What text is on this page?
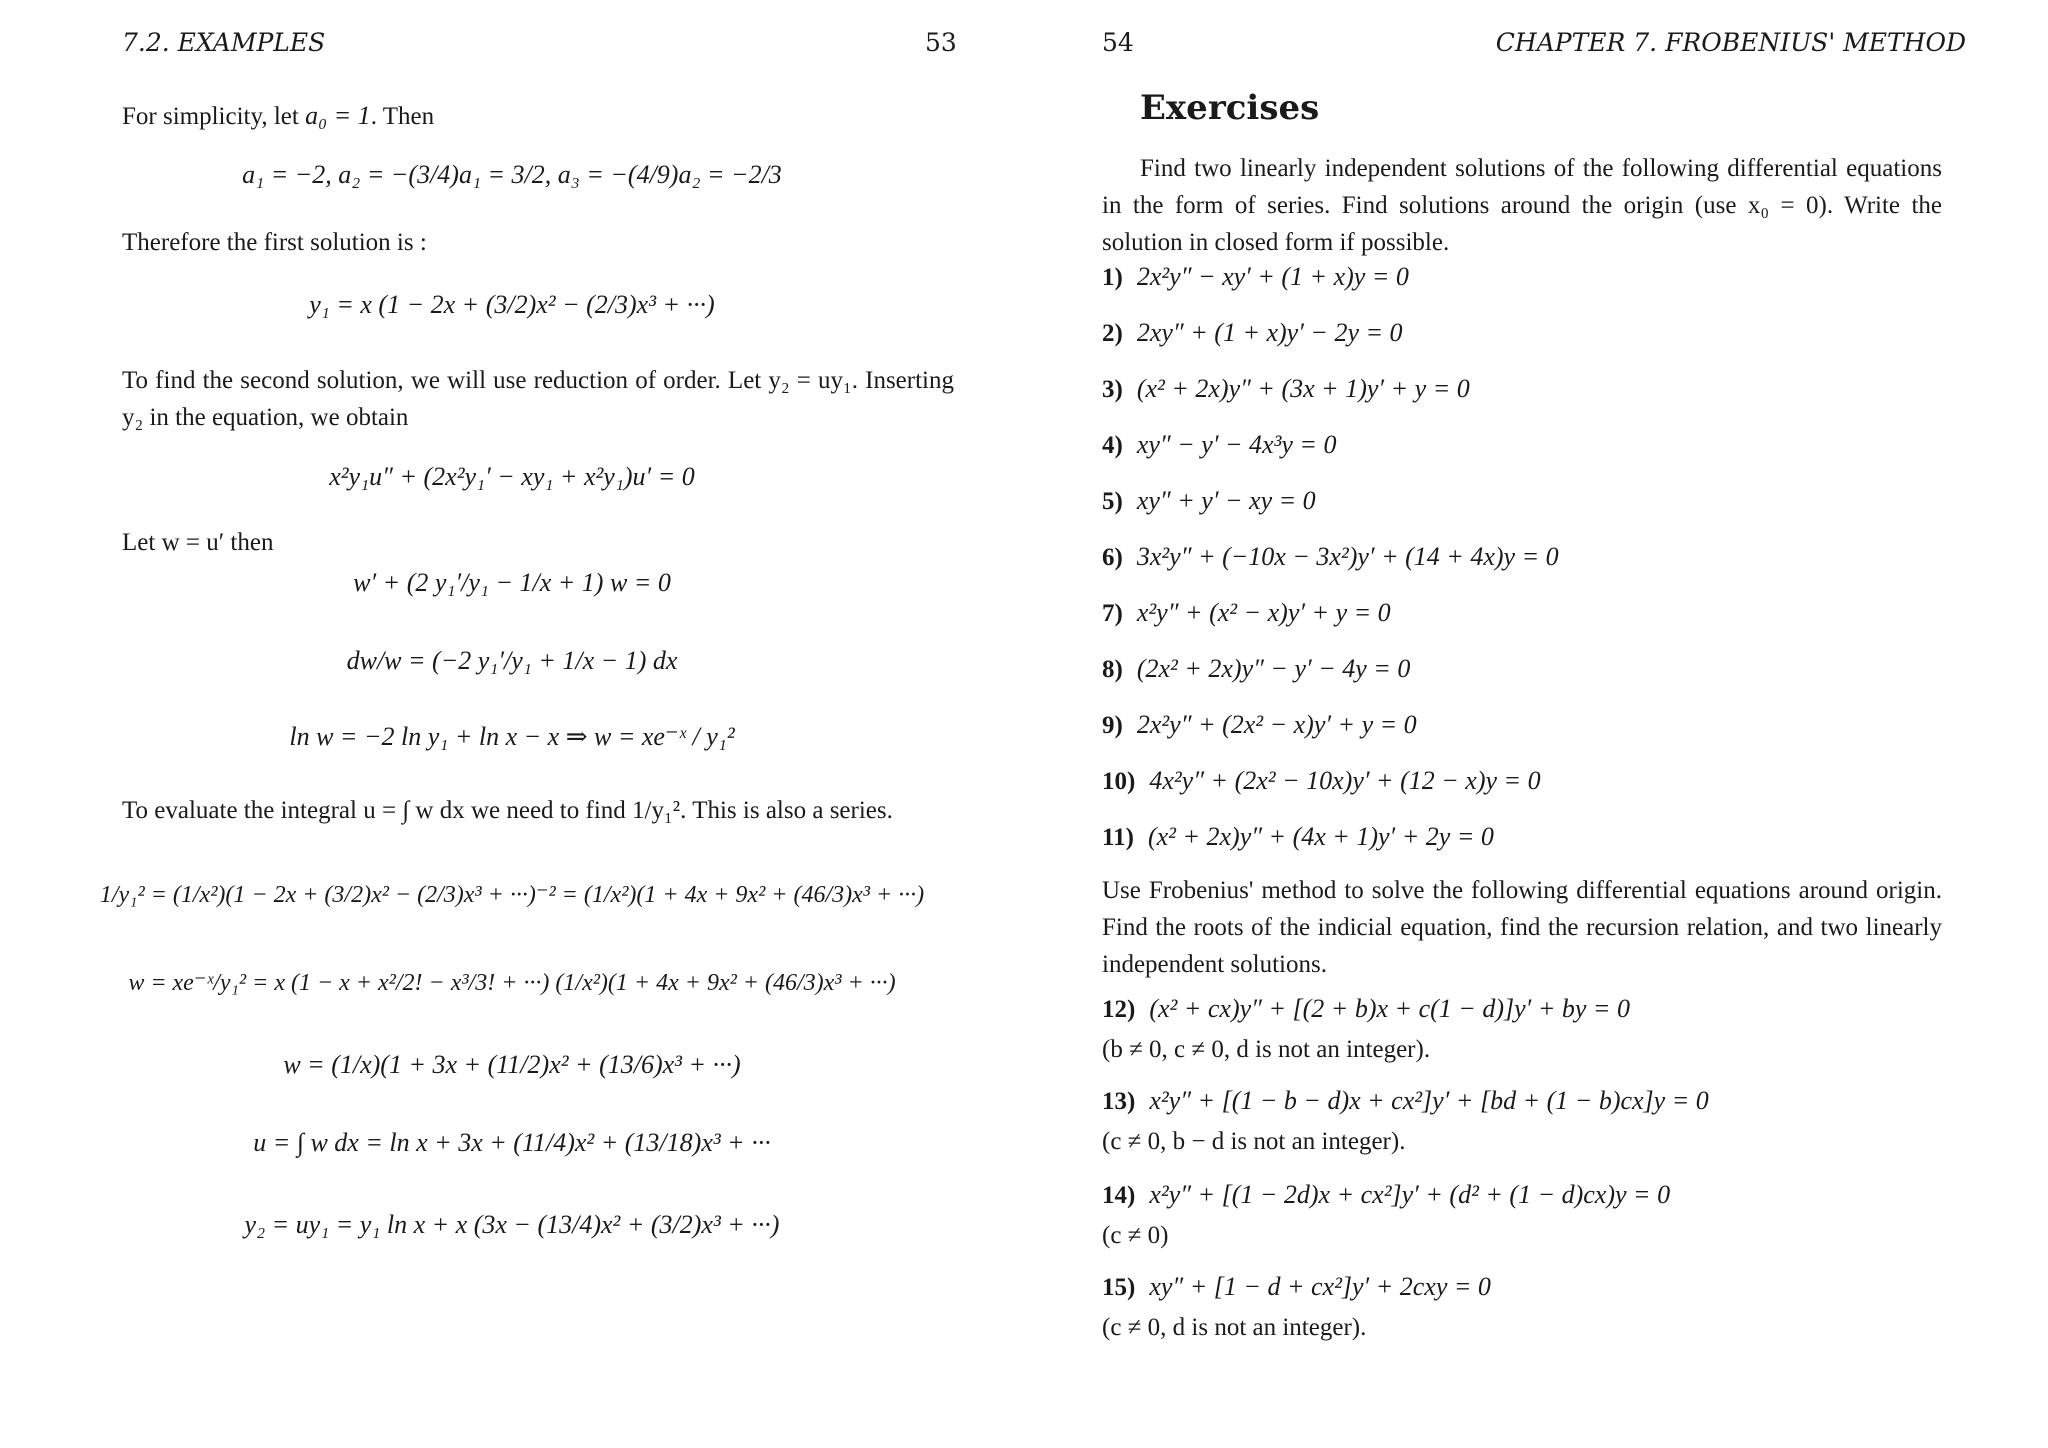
7.2. EXAMPLES	53
For simplicity, let a₀ = 1. Then
a₁ = −2, a₂ = −(3/4)a₁ = 3/2, a₃ = −(4/9)a₂ = −2/3
Therefore the first solution is :
y₁ = x (1 − 2x + (3/2)x² − (2/3)x³ + ···)
To find the second solution, we will use reduction of order. Let y₂ = uy₁. Inserting y₂ in the equation, we obtain
x²y₁u″ + (2x²y₁′ − xy₁ + x²y₁)u′ = 0
Let w = u′ then
w′ + (2 y₁′/y₁ − 1/x + 1) w = 0
dw/w = (−2 y₁′/y₁ + 1/x − 1) dx
ln w = −2 ln y₁ + ln x − x ⇒ w = xe⁻ˣ / y₁²
To evaluate the integral u = ∫ w dx we need to find 1/y₁². This is also a series.
1/y₁² = (1/x²)(1 − 2x + (3/2)x² − (2/3)x³ + ···)⁻² = (1/x²)(1 + 4x + 9x² + (46/3)x³ + ···)
w = xe⁻ˣ/y₁² = x (1 − x + x²/2! − x³/3! + ···) (1/x²)(1 + 4x + 9x² + (46/3)x³ + ···)
w = (1/x)(1 + 3x + (11/2)x² + (13/6)x³ + ···)
u = ∫ w dx = ln x + 3x + (11/4)x² + (13/18)x³ + ···
y₂ = uy₁ = y₁ ln x + x (3x − (13/4)x² + (3/2)x³ + ···)
54	CHAPTER 7. FROBENIUS' METHOD
Exercises
Find two linearly independent solutions of the following differential equations in the form of series. Find solutions around the origin (use x₀ = 0). Write the solution in closed form if possible.
1) 2x²y″ − xy′ + (1 + x)y = 0
2) 2xy″ + (1 + x)y′ − 2y = 0
3) (x² + 2x)y″ + (3x + 1)y′ + y = 0
4) xy″ − y′ − 4x³y = 0
5) xy″ + y′ − xy = 0
6) 3x²y″ + (−10x − 3x²)y′ + (14 + 4x)y = 0
7) x²y″ + (x² − x)y′ + y = 0
8) (2x² + 2x)y″ − y′ − 4y = 0
9) 2x²y″ + (2x² − x)y′ + y = 0
10) 4x²y″ + (2x² − 10x)y′ + (12 − x)y = 0
11) (x² + 2x)y″ + (4x + 1)y′ + 2y = 0
Use Frobenius' method to solve the following differential equations around origin. Find the roots of the indicial equation, find the recursion relation, and two linearly independent solutions.
12) (x² + cx)y″ + [(2 + b)x + c(1 − d)]y′ + by = 0
(b ≠ 0, c ≠ 0, d is not an integer).
13) x²y″ + [(1 − b − d)x + cx²]y′ + [bd + (1 − b)cx]y = 0
(c ≠ 0, b − d is not an integer).
14) x²y″ + [(1 − 2d)x + cx²]y′ + (d² + (1 − d)cx)y = 0
(c ≠ 0)
15) xy″ + [1 − d + cx²]y′ + 2cxy = 0
(c ≠ 0, d is not an integer).
